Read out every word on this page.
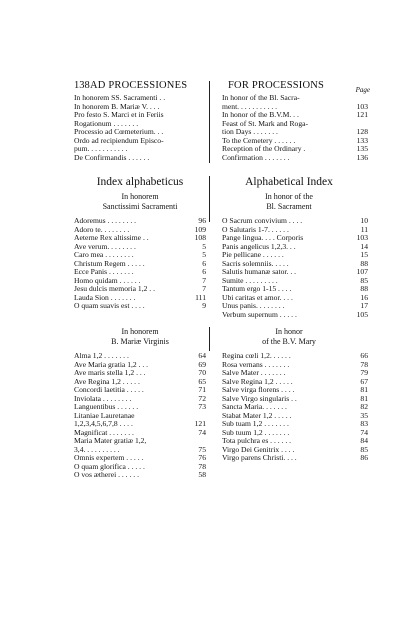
138 AD PROCESSIONES	FOR PROCESSIONS	Page
In honorem SS. Sacramenti . .
In honorem B. Mariæ V. . . .
Pro festo S. Marci et in Feriis
Rogationum . . . . . . .
Processio ad Cœmeterium. . .
Ordo ad recipiendum Episco-
pum. . . . . . . . . . .
De Confirmandis . . . . . .
In honor of the Bl. Sacra-
ment. . . . . . . . . . .	103
In honor of the B.V.M. . .	121
Feast of St. Mark and Roga-
tion Days . . . . . . .	128
To the Cemetery . . . . . .	133
Reception of the Ordinary .	135
Confirmation . . . . . . .	136
Index alphabeticus	Alphabetical Index
In honorem
Sanctissimi Sacramenti
In honor of the
Bl. Sacrament
Adoremus . . . . . . . .	96
Adoro te. . . . . . . .	109
Aeterne Rex altissime . .	108
Ave verum. . . . . . . .	5
Caro mea . . . . . . . .	5
Christum Regem . . . . .	6
Ecce Panis . . . . . . .	6
Homo quidam . . . . . .	7
Jesu dulcis memoria 1,2 . .	7
Lauda Sion . . . . . . .	111
O quam suavis est . . . .	9
O Sacrum convivium . . . .	10
O Salutaris 1-7. . . . . .	11
Pange lingua. . . . Corporis	103
Panis angelicus 1,2,3. . .	14
Pie pellicane . . . . . .	15
Sacris solemniis. . . . .	88
Salutis humanæ sator. . .	107
Sumite . . . . . . . . .	85
Tantum ergo 1-15 . . . .	88
Ubi caritas et amor. . . .	16
Unus panis. . . . . . . .	17
Verbum supernum . . . . .	105
In honorem
B. Mariæ Virginis
In honor
of the B.V. Mary
Alma 1,2 . . . . . . .	64
Ave Maria gratia 1,2 . . .	69
Ave maris stella 1,2 . . .	70
Ave Regina 1,2 . . . . .	65
Concordi laetitia . . . . .	71
Inviolata . . . . . . . .	72
Languentibus . . . . . .	73
Litaniae Lauretanae
1,2,3,4,5,6,7,8 . . . .	121
Magnificat . . . . . . .	74
Maria Mater gratiæ 1,2,
3,4. . . . . . . . . .	75
Omnis expertem . . . . .	76
O quam glorifica . . . . .	78
O vos ætherei . . . . . .	58
Regina cœli 1,2. . . . . .	66
Rosa vernans . . . . . . .	78
Salve Mater . . . . . . .	79
Salve Regina 1,2 . . . . .	67
Salve virga florens . . . .	81
Salve Virgo singularis . .	81
Sancta Maria. . . . . . .	82
Stabat Mater 1,2 . . . . .	35
Sub tuam 1,2 . . . . . . .	83
Sub tuum 1,2 . . . . . . .	74
Tota pulchra es . . . . . .	84
Virgo Dei Genitrix . . . .	85
Virgo parens Christi. . . .	86
